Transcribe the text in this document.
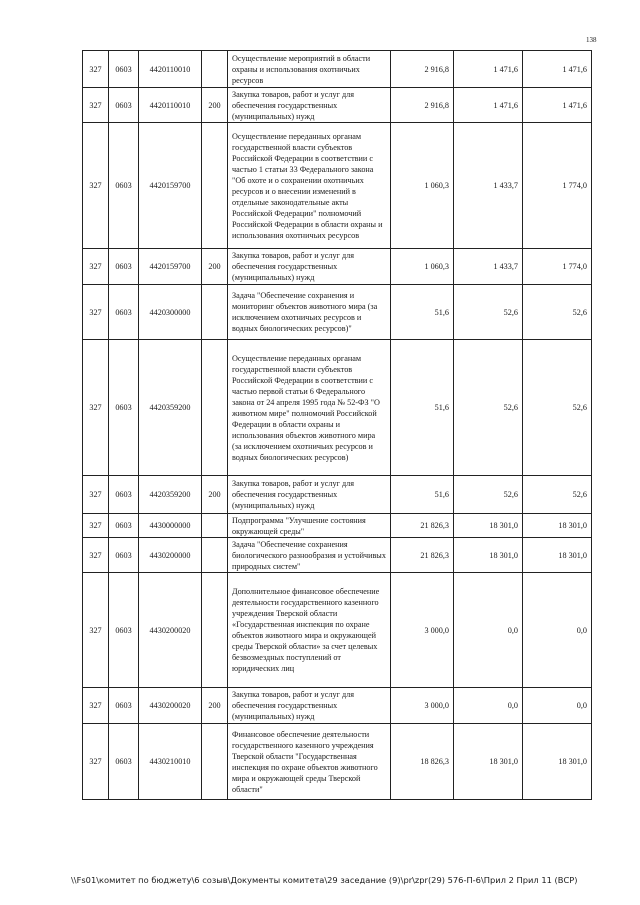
138
327	0603	4420110010		Осуществление мероприятий в области охраны и использования охотничьих ресурсов	2 916,8	1 471,6	1 471,6
327	0603	4420110010	200	Закупка товаров, работ и услуг для обеспечения государственных (муниципальных) нужд	2 916,8	1 471,6	1 471,6
327	0603	4420159700		Осуществление переданных органам государственной власти субъектов Российской Федерации в соответствии с частью 1 статьи 33 Федерального закона "Об охоте и о сохранении охотничьих ресурсов и о внесении изменений в отдельные законодательные акты Российской Федерации" полномочий Российской Федерации в области охраны и использования охотничьих ресурсов	1 060,3	1 433,7	1 774,0
327	0603	4420159700	200	Закупка товаров, работ и услуг для обеспечения государственных (муниципальных) нужд	1 060,3	1 433,7	1 774,0
327	0603	4420300000		Задача "Обеспечение сохранения и мониторинг объектов животного мира (за исключением охотничьих ресурсов и водных биологических ресурсов)"	51,6	52,6	52,6
327	0603	4420359200		Осуществление переданных органам государственной власти субъектов Российской Федерации в соответствии с частью первой статьи 6 Федерального закона от 24 апреля 1995 года № 52-ФЗ "О животном мире" полномочий Российской Федерации в области охраны и использования объектов животного мира (за исключением охотничьих ресурсов и водных биологических ресурсов)	51,6	52,6	52,6
327	0603	4420359200	200	Закупка товаров, работ и услуг для обеспечения государственных (муниципальных) нужд	51,6	52,6	52,6
327	0603	4430000000		Подпрограмма "Улучшение состояния окружающей среды"	21 826,3	18 301,0	18 301,0
327	0603	4430200000		Задача "Обеспечение сохранения биологического разнообразия и устойчивых природных систем"	21 826,3	18 301,0	18 301,0
327	0603	4430200020		Дополнительное финансовое обеспечение деятельности государственного казенного учреждения Тверской области «Государственная инспекция по охране объектов животного мира и окружающей среды Тверской области» за счет целевых безвозмездных поступлений от юридических лиц	3 000,0	0,0	0,0
327	0603	4430200020	200	Закупка товаров, работ и услуг для обеспечения государственных (муниципальных) нужд	3 000,0	0,0	0,0
327	0603	4430210010		Финансовое обеспечение деятельности государственного казенного учреждения Тверской области "Государственная инспекция по охране объектов животного мира и окружающей среды Тверской области"	18 826,3	18 301,0	18 301,0
\\Fs01\комитет по бюджету\6 созыв\Документы комитета\29 заседание (9)\pr\zpr(29) 576-П-6\Прил 2 Прил 11 (ВСР)
